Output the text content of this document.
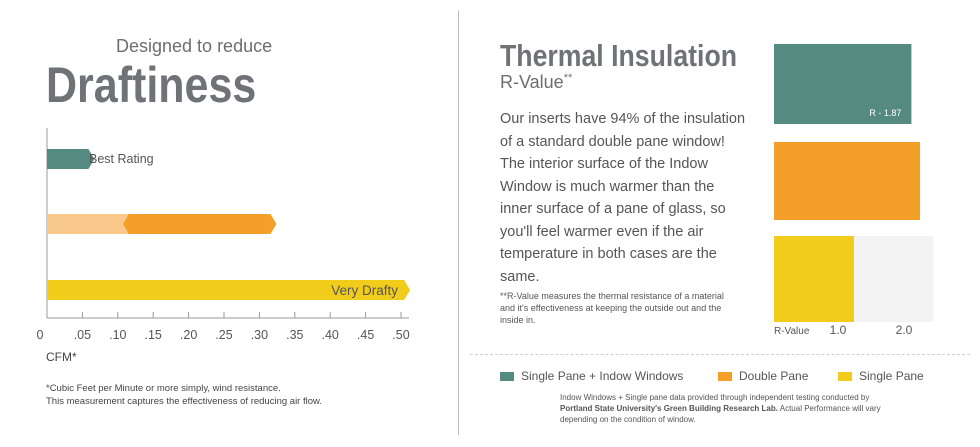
Designed to reduce
Draftiness
Best Rating
Very Drafty
0 .05 .10 .15 .20 .25 .30 .35 .40 .45 .50
CFM*
*Cubic Feet per Minute or more simply, wind resistance.
This measurement captures the effectiveness of reducing air flow.
Thermal Insulation
R-Value**
Our inserts have 94% of the insulation of a standard double pane window! The interior surface of the Indow Window is much warmer than the inner surface of a pane of glass, so you'll feel warmer even if the air temperature in both cases are the same.
**R-Value measures the thermal resistance of a material and it's effectiveness at keeping the outside out and the inside in.
R - 1.87
R-Value 1.0	2.0
Single Pane + Indow Windows	Double Pane	Single Pane
Indow Windows + Single pane data provided through independent testing conducted by Portland State University's Green Building Research Lab. Actual Performance will vary depending on the condition of window.
